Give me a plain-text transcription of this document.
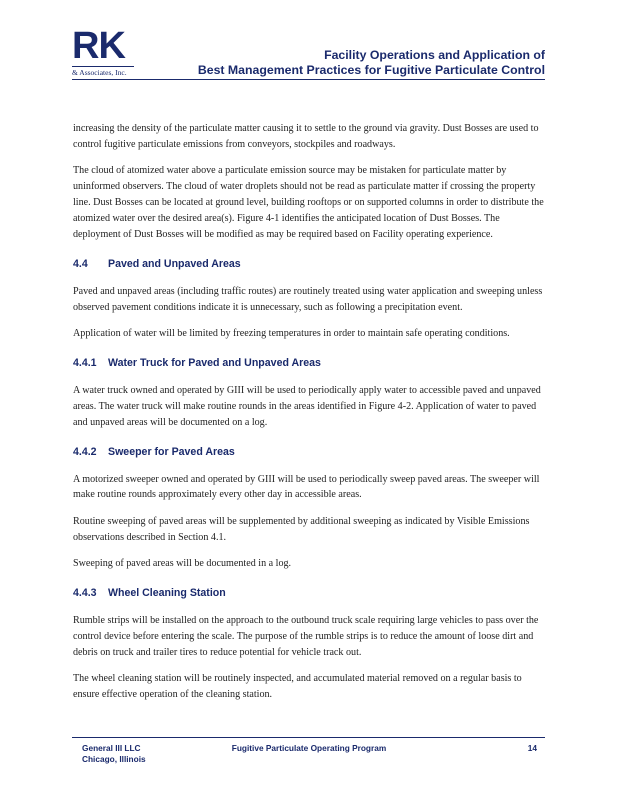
RK
& Associates, Inc.
Facility Operations and Application of
Best Management Practices for Fugitive Particulate Control

increasing the density of the particulate matter causing it to settle to the ground via gravity. Dust Bosses are used to control fugitive particulate emissions from conveyors, stockpiles and roadways.

The cloud of atomized water above a particulate emission source may be mistaken for particulate matter by uninformed observers. The cloud of water droplets should not be read as particulate matter if crossing the property line. Dust Bosses can be located at ground level, building rooftops or on supported columns in order to distribute the atomized water over the desired area(s). Figure 4-1 identifies the anticipated location of Dust Bosses. The deployment of Dust Bosses will be modified as may be required based on Facility operating experience.

4.4 Paved and Unpaved Areas

Paved and unpaved areas (including traffic routes) are routinely treated using water application and sweeping unless observed pavement conditions indicate it is unnecessary, such as following a precipitation event.

Application of water will be limited by freezing temperatures in order to maintain safe operating conditions.

4.4.1 Water Truck for Paved and Unpaved Areas

A water truck owned and operated by GIII will be used to periodically apply water to accessible paved and unpaved areas. The water truck will make routine rounds in the areas identified in Figure 4-2. Application of water to paved and unpaved areas will be documented on a log.

4.4.2 Sweeper for Paved Areas

A motorized sweeper owned and operated by GIII will be used to periodically sweep paved areas. The sweeper will make routine rounds approximately every other day in accessible areas.

Routine sweeping of paved areas will be supplemented by additional sweeping as indicated by Visible Emissions observations described in Section 4.1.

Sweeping of paved areas will be documented in a log.

4.4.3 Wheel Cleaning Station

Rumble strips will be installed on the approach to the outbound truck scale requiring large vehicles to pass over the control device before entering the scale. The purpose of the rumble strips is to reduce the amount of loose dirt and debris on truck and trailer tires to reduce potential for vehicle track out.

The wheel cleaning station will be routinely inspected, and accumulated material removed on a regular basis to ensure effective operation of the cleaning station.

General III LLC
Chicago, Illinois
Fugitive Particulate Operating Program	14
